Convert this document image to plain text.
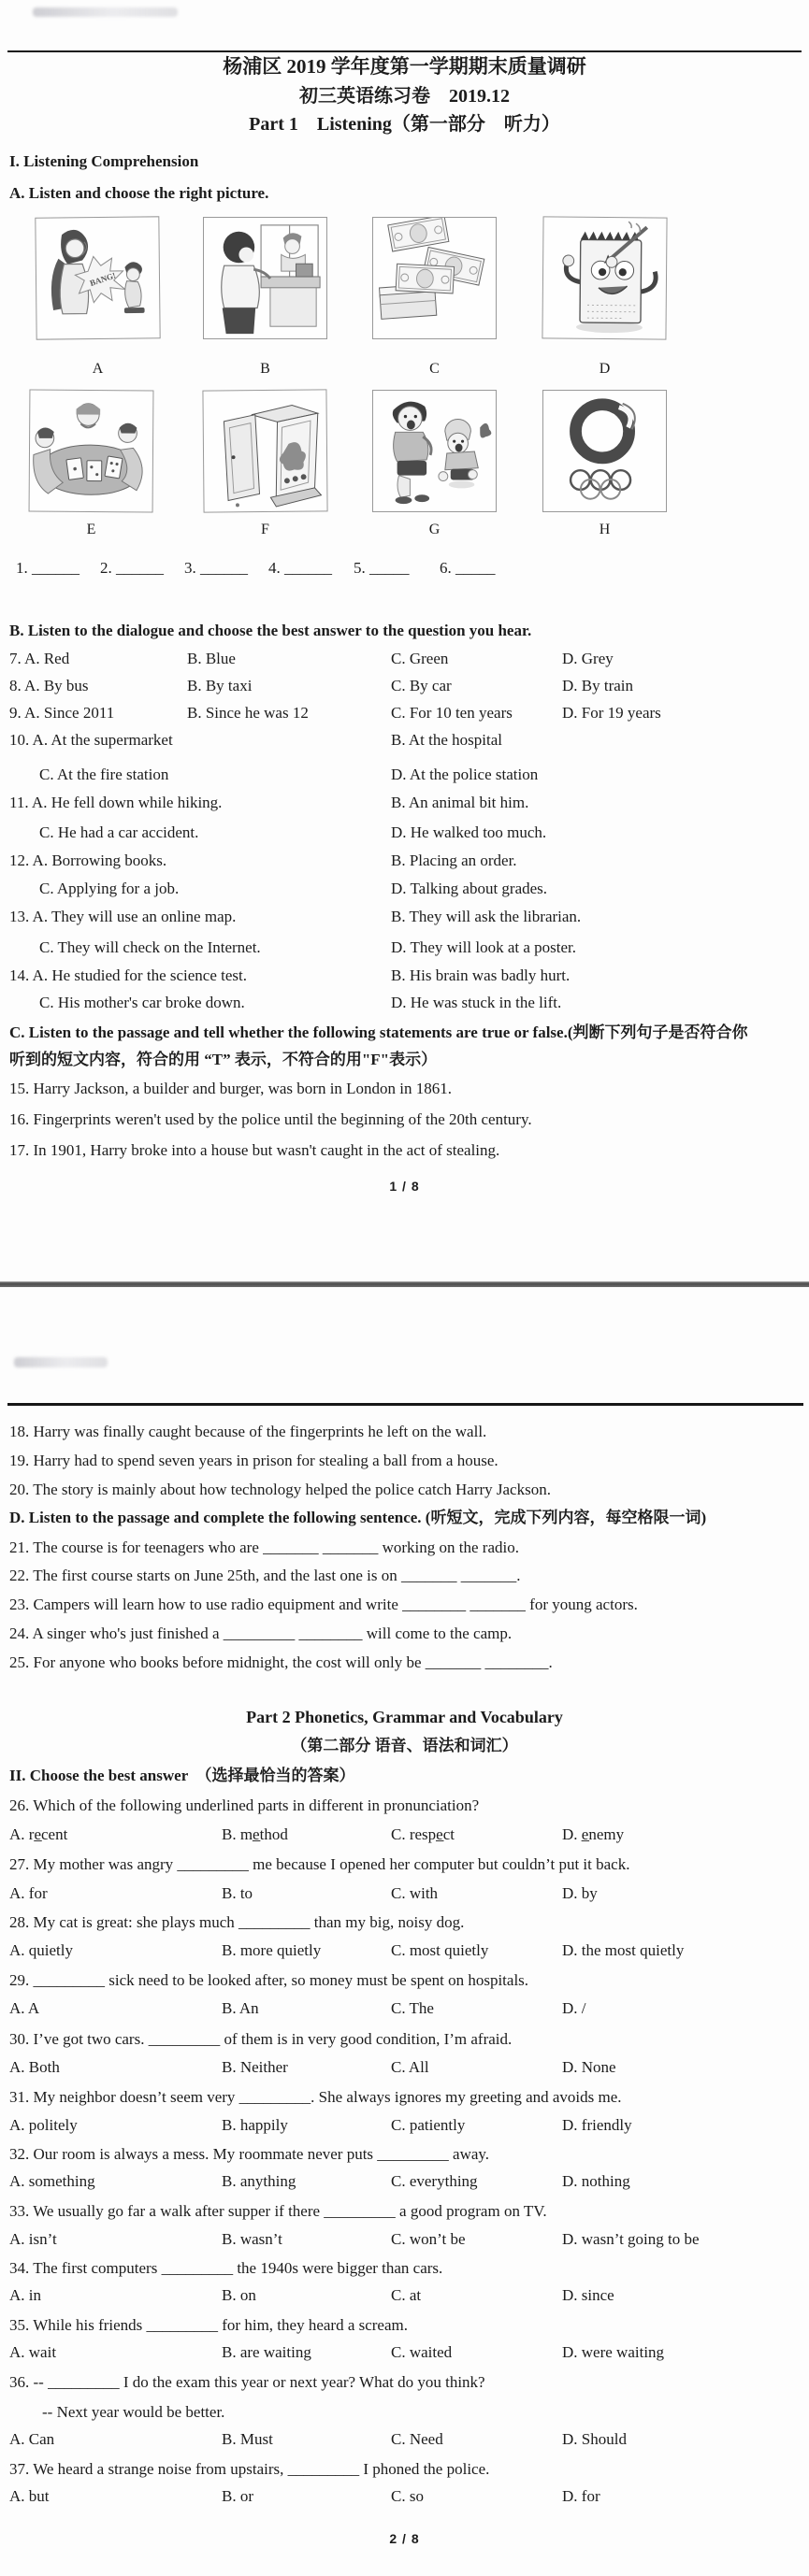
杨浦区 2019 学年度第一学期期末质量调研
初三英语练习卷　2019.12
Part 1　Listening（第一部分　听力）
I. Listening Comprehension
A. Listen and choose the right picture.
BANG!
A	B	C	D
E	F	G	H
1. ______ 2. ______ 3. ______ 4. ______ 5. _____ 6. _____
B. Listen to the dialogue and choose the best answer to the question you hear.
7. A. Red	B. Blue	C. Green	D. Grey
8. A. By bus	B. By taxi	C. By car	D. By train
9. A. Since 2011	B. Since he was 12	C. For 10 ten years	D. For 19 years
10. A. At the supermarket	B. At the hospital
C. At the fire station	D. At the police station
11. A. He fell down while hiking.	B. An animal bit him.
C. He had a car accident.	D. He walked too much.
12. A. Borrowing books.	B. Placing an order.
C. Applying for a job.	D. Talking about grades.
13. A. They will use an online map.	B. They will ask the librarian.
C. They will check on the Internet.	D. They will look at a poster.
14. A. He studied for the science test.	B. His brain was badly hurt.
C. His mother's car broke down.	D. He was stuck in the lift.
C. Listen to the passage and tell whether the following statements are true or false.(判断下列句子是否符合你
听到的短文内容，符合的用 “T” 表示，不符合的用"F"表示）
15. Harry Jackson, a builder and burger, was born in London in 1861.
16. Fingerprints weren't used by the police until the beginning of the 20th century.
17. In 1901, Harry broke into a house but wasn't caught in the act of stealing.
1 / 8
18. Harry was finally caught because of the fingerprints he left on the wall.
19. Harry had to spend seven years in prison for stealing a ball from a house.
20. The story is mainly about how technology helped the police catch Harry Jackson.
D. Listen to the passage and complete the following sentence. (听短文，完成下列内容，每空格限一词)
21. The course is for teenagers who are _______ _______ working on the radio.
22. The first course starts on June 25th, and the last one is on _______ _______.
23. Campers will learn how to use radio equipment and write ________ _______ for young actors.
24. A singer who's just finished a _________ ________ will come to the camp.
25. For anyone who books before midnight, the cost will only be _______ ________.
Part 2 Phonetics, Grammar and Vocabulary
（第二部分 语音、语法和词汇）
II. Choose the best answer　（选择最恰当的答案）
26. Which of the following underlined parts in different in pronunciation?
A. re̲cent	B. me̲thod	C. respe̲ct	D. e̲nemy
27. My mother was angry _________ me because I opened her computer but couldn’t put it back.
A. for	B. to	C. with	D. by
28. My cat is great: she plays much _________ than my big, noisy dog.
A. quietly	B. more quietly	C. most quietly	D. the most quietly
29. _________ sick need to be looked after, so money must be spent on hospitals.
A. A	B. An	C. The	D. /
30. I’ve got two cars. _________ of them is in very good condition, I’m afraid.
A. Both	B. Neither	C. All	D. None
31. My neighbor doesn’t seem very _________. She always ignores my greeting and avoids me.
A. politely	B. happily	C. patiently	D. friendly
32. Our room is always a mess. My roommate never puts _________ away.
A. something	B. anything	C. everything	D. nothing
33. We usually go far a walk after supper if there _________ a good program on TV.
A. isn’t	B. wasn’t	C. won’t be	D. wasn’t going to be
34. The first computers _________ the 1940s were bigger than cars.
A. in	B. on	C. at	D. since
35. While his friends _________ for him, they heard a scream.
A. wait	B. are waiting	C. waited	D. were waiting
36. -- _________ I do the exam this year or next year? What do you think?
-- Next year would be better.
A. Can	B. Must	C. Need	D. Should
37. We heard a strange noise from upstairs, _________ I phoned the police.
A. but	B. or	C. so	D. for
2 / 8
